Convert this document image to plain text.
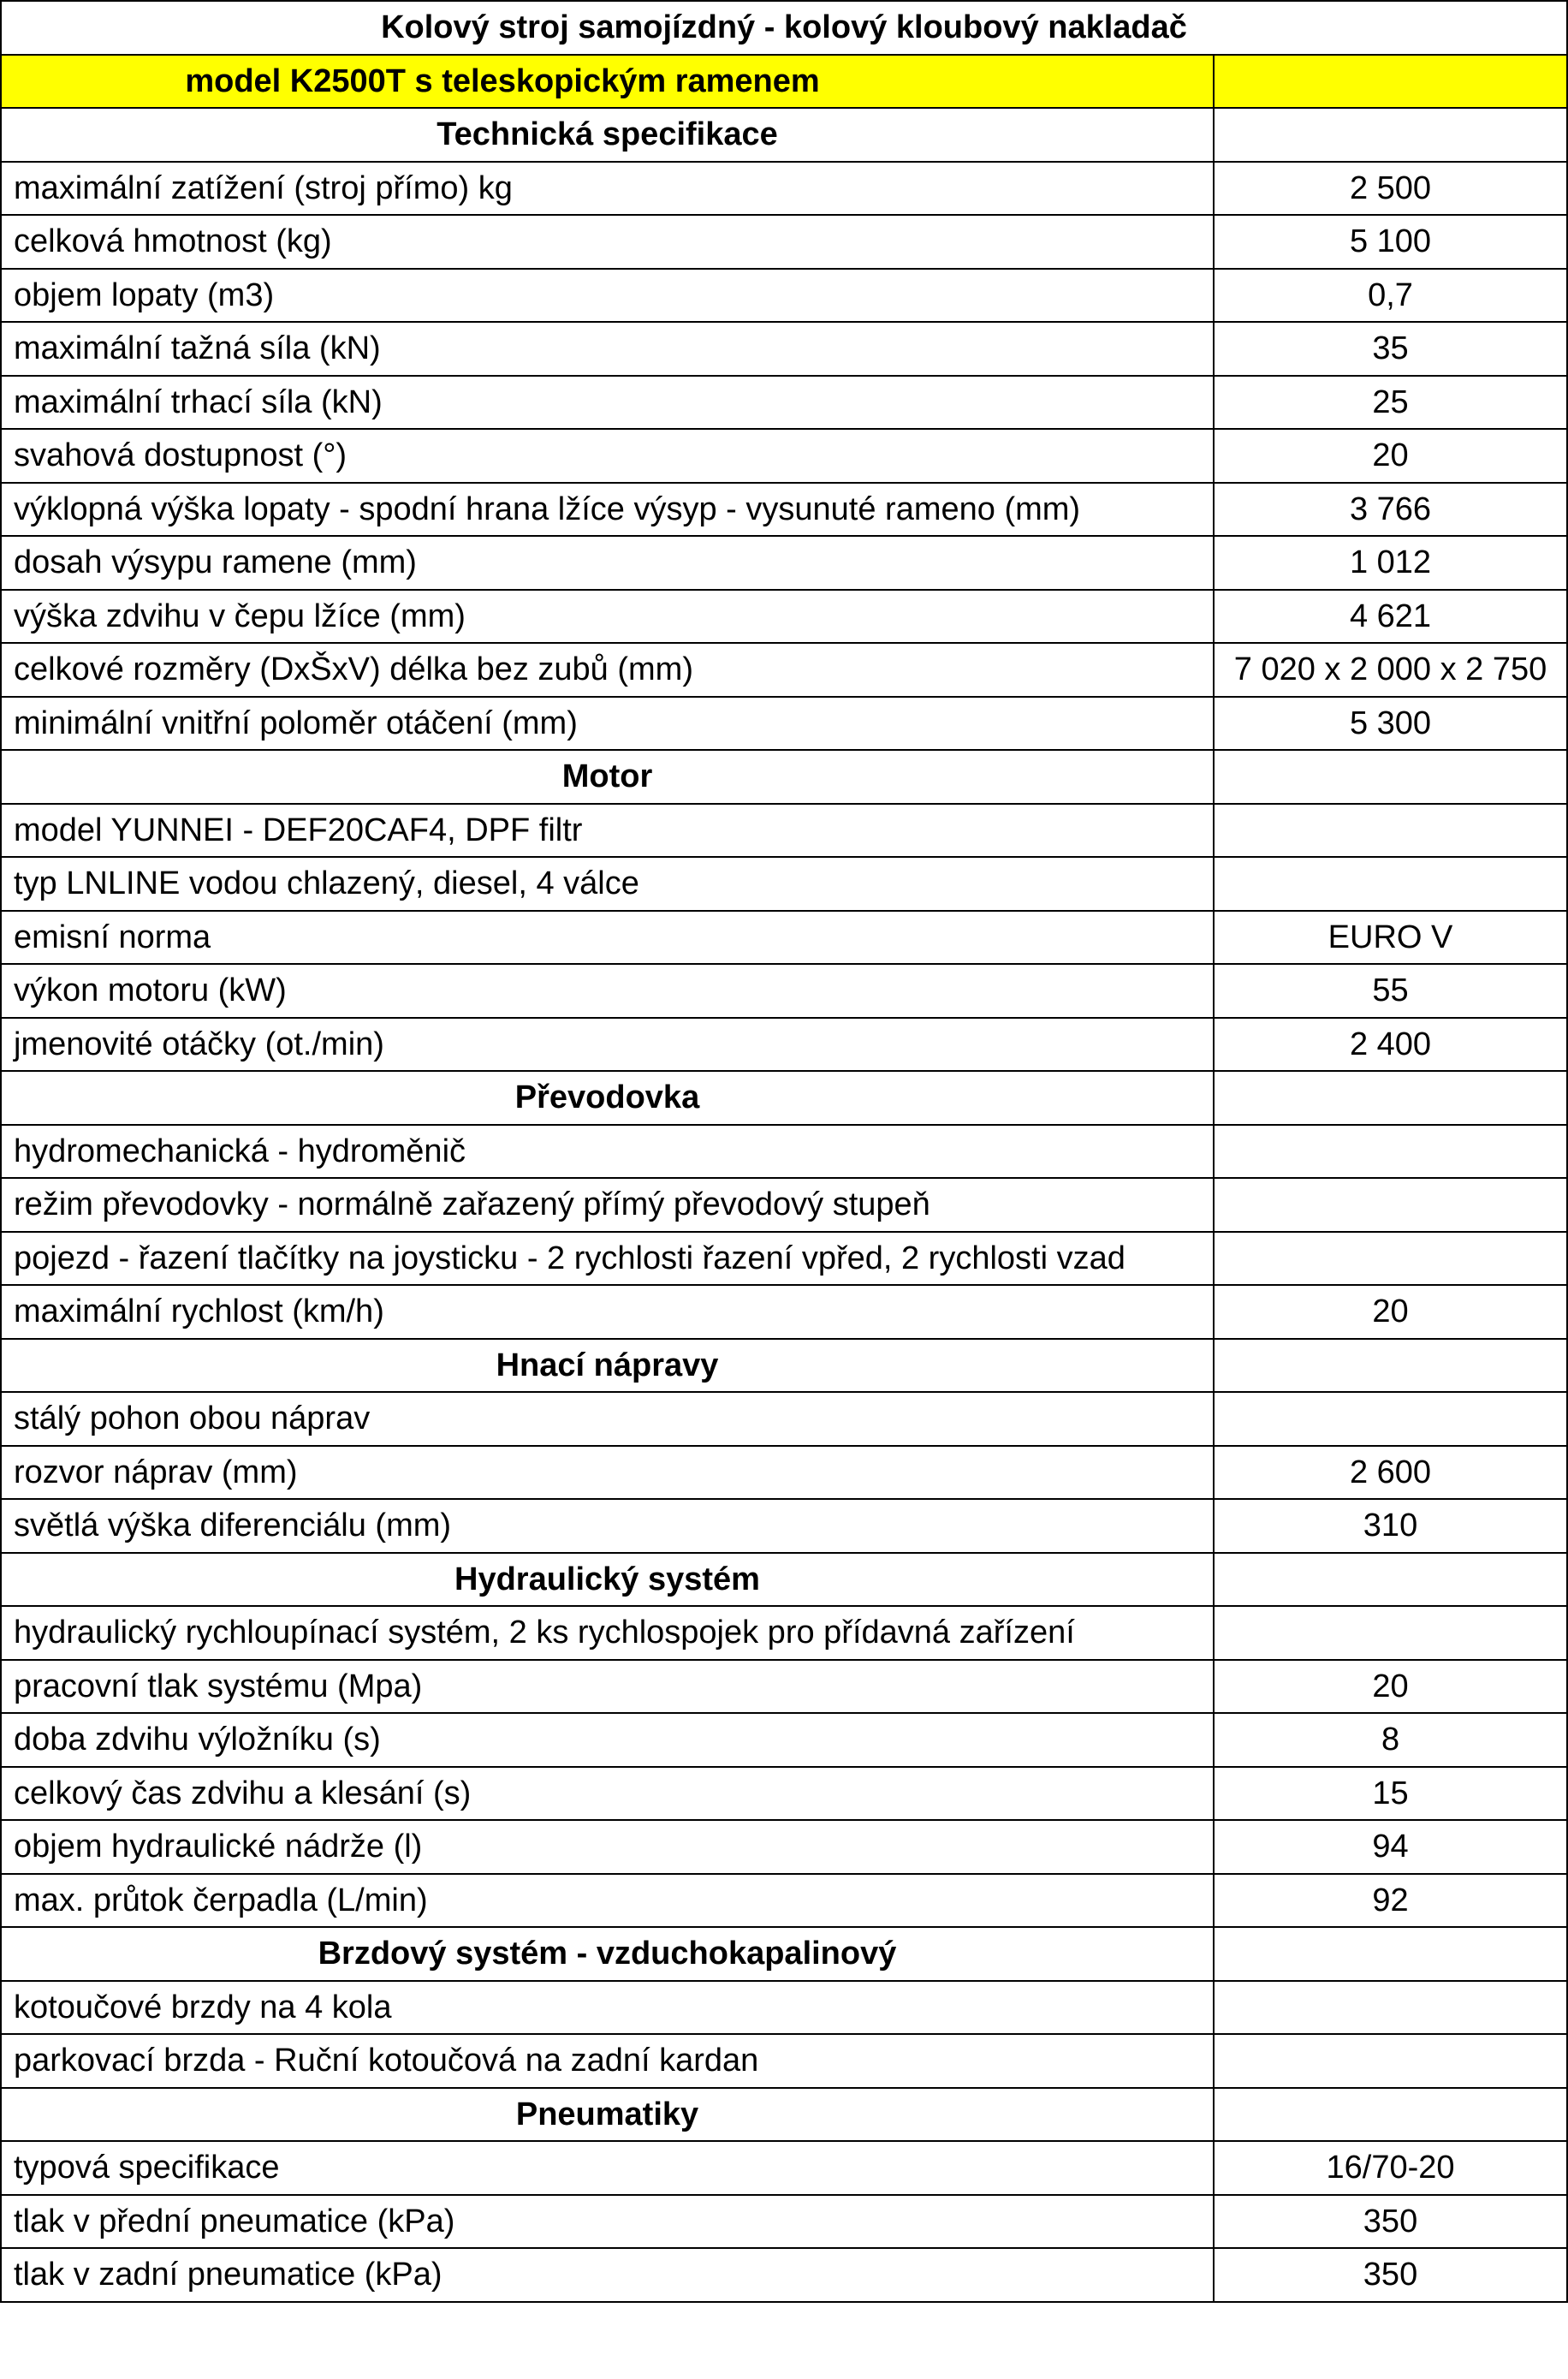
Kolový stroj samojízdný - kolový kloubový nakladač	
model K2500T s teleskopickým ramenem	
Technická specifikace	
maximální zatížení (stroj přímo) kg	2 500
celková hmotnost (kg)	5 100
objem lopaty (m3)	0,7
maximální tažná síla (kN)	35
maximální trhací síla (kN)	25
svahová dostupnost (°)	20
výklopná výška lopaty - spodní hrana lžíce výsyp - vysunuté rameno (mm)	3 766
dosah výsypu ramene (mm)	1 012
výška zdvihu v čepu lžíce (mm)	4 621
celkové rozměry (DxŠxV) délka bez zubů (mm)	7 020 x 2 000 x 2 750
minimální vnitřní poloměr otáčení (mm)	5 300
Motor	
model YUNNEI - DEF20CAF4, DPF filtr	
typ LNLINE vodou chlazený, diesel, 4 válce	
emisní norma	EURO V
výkon motoru (kW)	55
jmenovité otáčky (ot./min)	2 400
Převodovka	
hydromechanická - hydroměnič	
režim převodovky - normálně zařazený přímý převodový stupeň	
pojezd - řazení tlačítky na joysticku - 2 rychlosti řazení vpřed, 2 rychlosti vzad	
maximální rychlost (km/h)	20
Hnací nápravy	
stálý pohon obou náprav	
rozvor náprav (mm)	2 600
světlá výška diferenciálu (mm)	310
Hydraulický systém	
hydraulický rychloupínací systém, 2 ks rychlospojek pro přídavná zařízení	
pracovní tlak systému (Mpa)	20
doba zdvihu výložníku (s)	8
celkový čas zdvihu a klesání (s)	15
objem hydraulické nádrže (l)	94
max. průtok čerpadla (L/min)	92
Brzdový systém - vzduchokapalinový	
kotoučové brzdy na 4 kola	
parkovací brzda - Ruční kotoučová na zadní kardan	
Pneumatiky	
typová specifikace	16/70-20
tlak v přední pneumatice (kPa)	350
tlak v zadní pneumatice (kPa)	350
